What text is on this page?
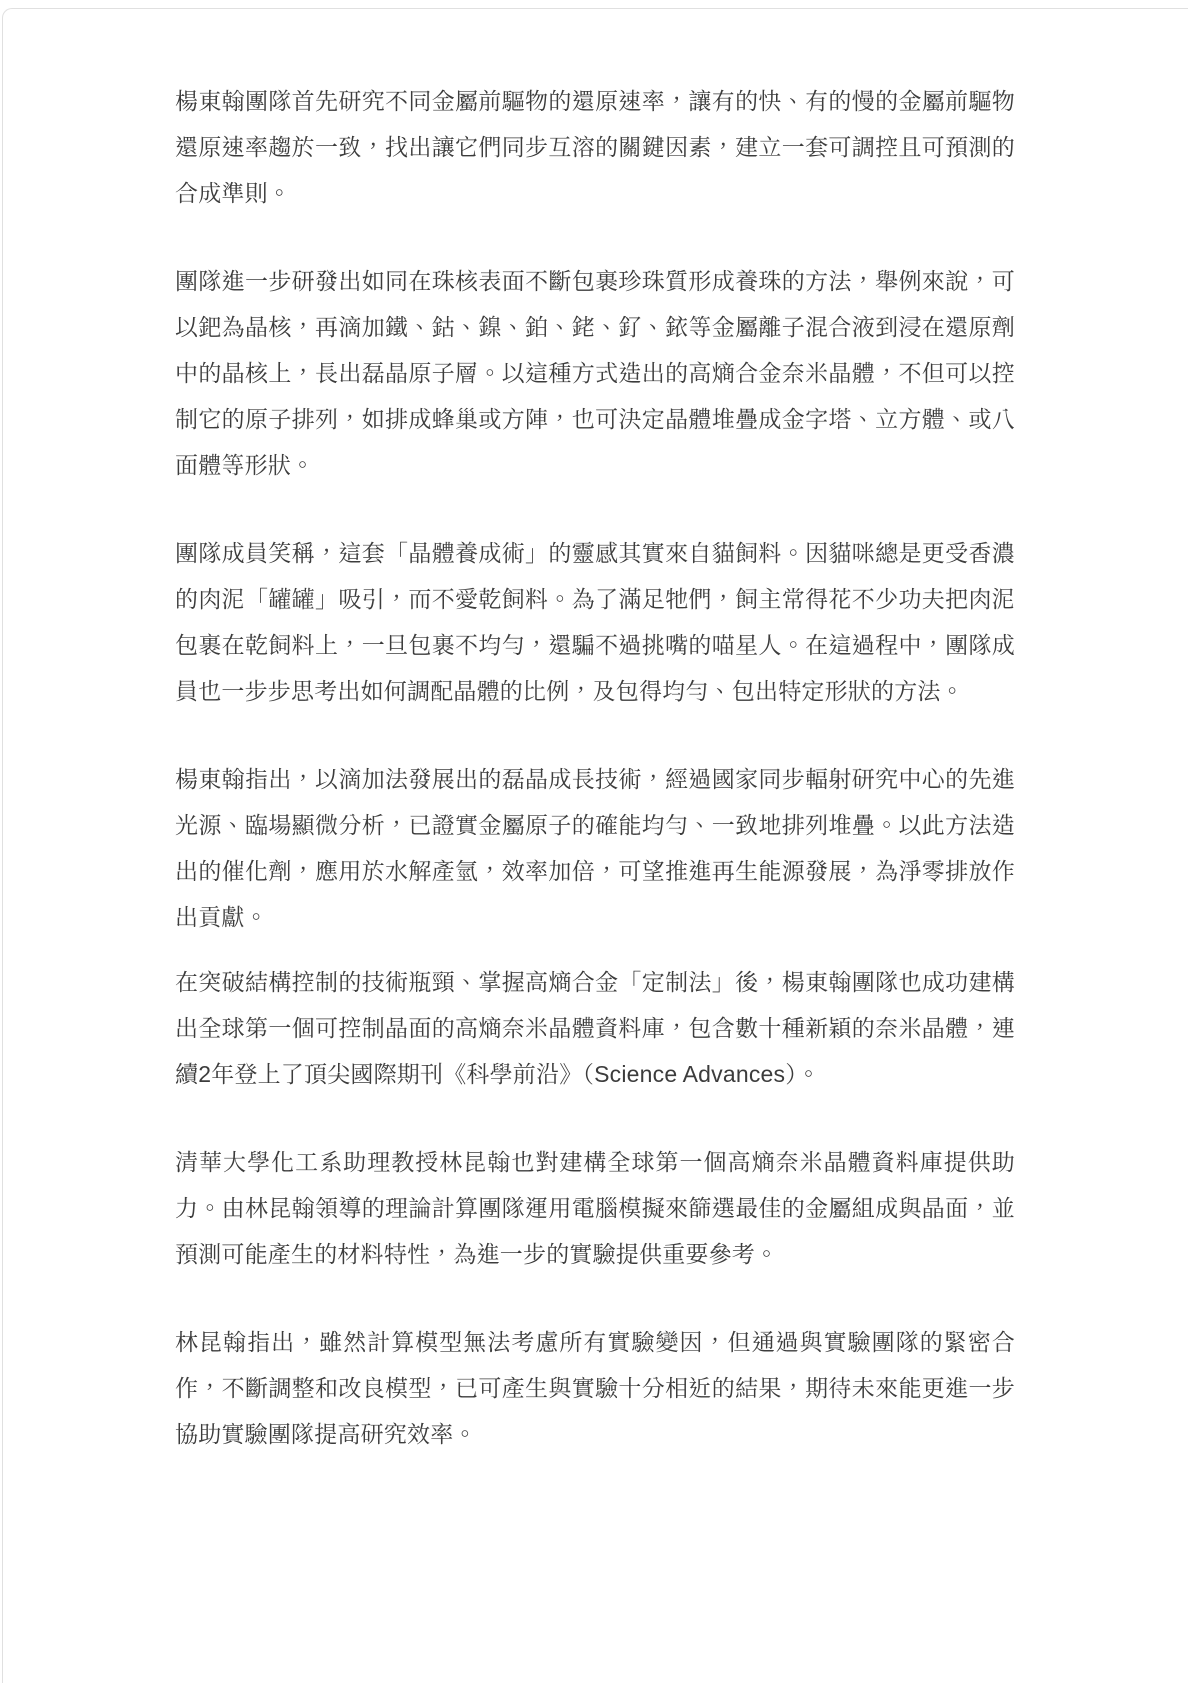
楊東翰團隊首先研究不同金屬前驅物的還原速率，讓有的快、有的慢的金屬前驅物還原速率趨於一致，找出讓它們同步互溶的關鍵因素，建立一套可調控且可預測的合成準則。

團隊進一步研發出如同在珠核表面不斷包裹珍珠質形成養珠的方法，舉例來說，可以鈀為晶核，再滴加鐵、鈷、鎳、鉑、銠、釕、銥等金屬離子混合液到浸在還原劑中的晶核上，長出磊晶原子層。以這種方式造出的高熵合金奈米晶體，不但可以控制它的原子排列，如排成蜂巢或方陣，也可決定晶體堆疊成金字塔、立方體、或八面體等形狀。

團隊成員笑稱，這套「晶體養成術」的靈感其實來自貓飼料。因貓咪總是更受香濃的肉泥「罐罐」吸引，而不愛乾飼料。為了滿足牠們，飼主常得花不少功夫把肉泥包裹在乾飼料上，一旦包裹不均勻，還騙不過挑嘴的喵星人。在這過程中，團隊成員也一步步思考出如何調配晶體的比例，及包得均勻、包出特定形狀的方法。

楊東翰指出，以滴加法發展出的磊晶成長技術，經過國家同步輻射研究中心的先進光源、臨場顯微分析，已證實金屬原子的確能均勻、一致地排列堆疊。以此方法造出的催化劑，應用於水解產氫，效率加倍，可望推進再生能源發展，為淨零排放作出貢獻。

在突破結構控制的技術瓶頸、掌握高熵合金「定制法」後，楊東翰團隊也成功建構出全球第一個可控制晶面的高熵奈米晶體資料庫，包含數十種新穎的奈米晶體，連續2年登上了頂尖國際期刊《科學前沿》（Science Advances）。

清華大學化工系助理教授林昆翰也對建構全球第一個高熵奈米晶體資料庫提供助力。由林昆翰領導的理論計算團隊運用電腦模擬來篩選最佳的金屬組成與晶面，並預測可能產生的材料特性，為進一步的實驗提供重要參考。

林昆翰指出，雖然計算模型無法考慮所有實驗變因，但通過與實驗團隊的緊密合作，不斷調整和改良模型，已可產生與實驗十分相近的結果，期待未來能更進一步協助實驗團隊提高研究效率。
